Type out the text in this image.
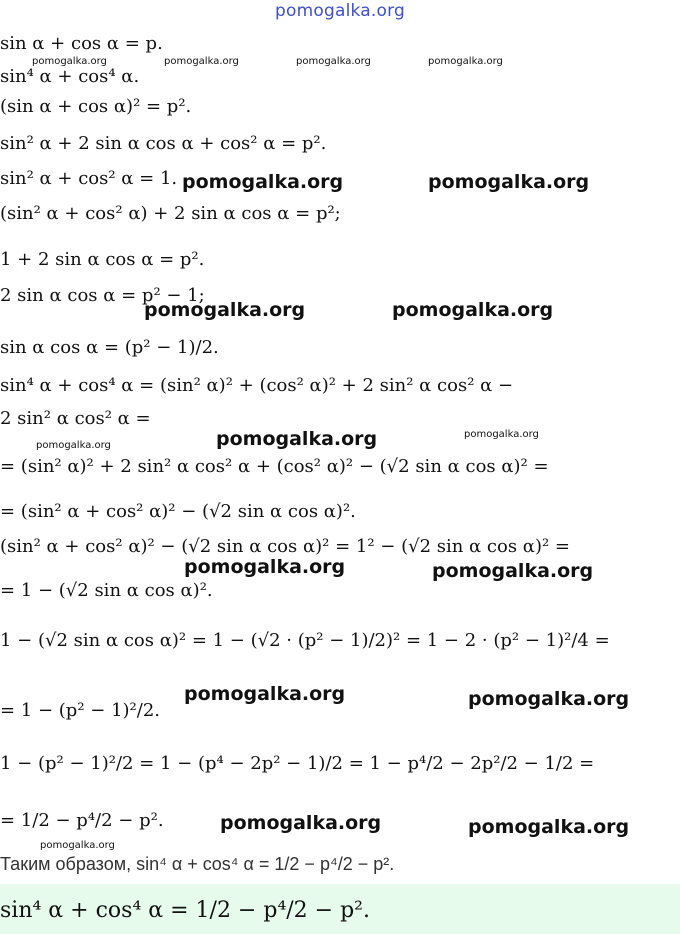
pomogalka.org
sin α + cos α = p.
sin⁴ α + cos⁴ α.
(sin α + cos α)² = p².
sin² α + 2 sin α cos α + cos² α = p².
sin² α + cos² α = 1.
(sin² α + cos² α) + 2 sin α cos α = p²;
1 + 2 sin α cos α = p².
2 sin α cos α = p² − 1;
sin α cos α = (p² − 1)/2.
sin⁴ α + cos⁴ α = (sin² α)² + (cos² α)² + 2 sin² α cos² α −
2 sin² α cos² α =
= (sin² α)² + 2 sin² α cos² α + (cos² α)² − (√2 sin α cos α)² =
= (sin² α + cos² α)² − (√2 sin α cos α)².
(sin² α + cos² α)² − (√2 sin α cos α)² = 1² − (√2 sin α cos α)² =
= 1 − (√2 sin α cos α)².
1 − (√2 sin α cos α)² = 1 − (√2 · (p² − 1)/2)² = 1 − 2 · (p² − 1)²/4 =
= 1 − (p² − 1)²/2.
1 − (p² − 1)²/2 = 1 − (p⁴ − 2p² − 1)/2 = 1 − p⁴/2 − 2p²/2 − 1/2 =
= 1/2 − p⁴/2 − p².
Таким образом, sin⁴ α + cos⁴ α = 1/2 − p⁴/2 − p².
sin⁴ α + cos⁴ α = 1/2 − p⁴/2 − p².
pomogalka.org	pomogalka.org	pomogalka.org	pomogalka.org
pomogalka.org
pomogalka.org
pomogalka.org
pomogalka.org	pomogalka.org
pomogalka.org	pomogalka.org
pomogalka.org
pomogalka.org	pomogalka.org
pomogalka.org	pomogalka.org
pomogalka.org	pomogalka.org
